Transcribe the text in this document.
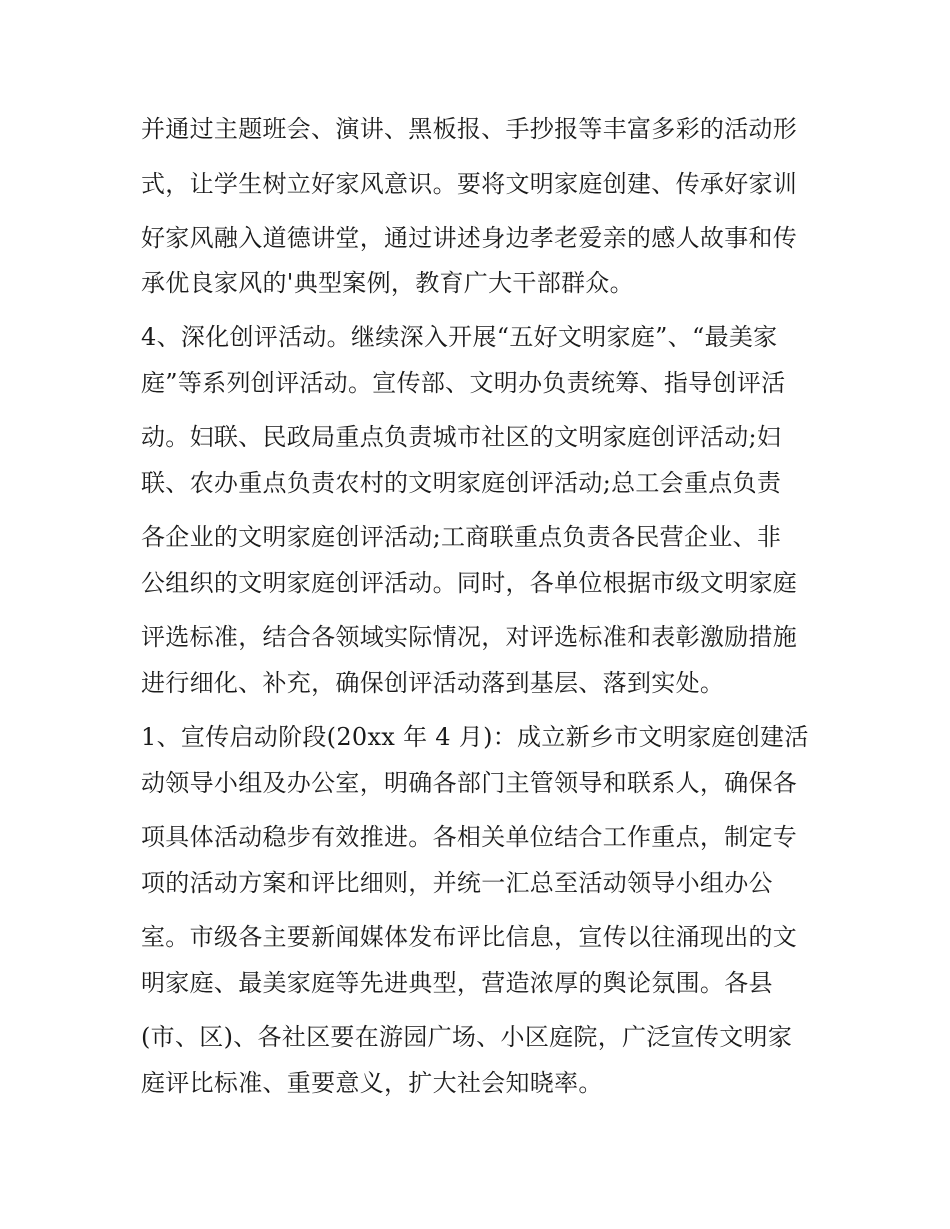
并通过主题班会、演讲、黑板报、手抄报等丰富多彩的活动形
式，让学生树立好家风意识。要将文明家庭创建、传承好家训
好家风融入道德讲堂，通过讲述身边孝老爱亲的感人故事和传
承优良家风的'典型案例，教育广大干部群众。
4、深化创评活动。继续深入开展“五好文明家庭”、“最美家
庭”等系列创评活动。宣传部、文明办负责统筹、指导创评活
动。妇联、民政局重点负责城市社区的文明家庭创评活动;妇
联、农办重点负责农村的文明家庭创评活动;总工会重点负责
各企业的文明家庭创评活动;工商联重点负责各民营企业、非
公组织的文明家庭创评活动。同时，各单位根据市级文明家庭
评选标准，结合各领域实际情况，对评选标准和表彰激励措施
进行细化、补充，确保创评活动落到基层、落到实处。
1、宣传启动阶段(20xx 年 4 月)：成立新乡市文明家庭创建活
动领导小组及办公室，明确各部门主管领导和联系人，确保各
项具体活动稳步有效推进。各相关单位结合工作重点，制定专
项的活动方案和评比细则，并统一汇总至活动领导小组办公
室。市级各主要新闻媒体发布评比信息，宣传以往涌现出的文
明家庭、最美家庭等先进典型，营造浓厚的舆论氛围。各县
(市、区)、各社区要在游园广场、小区庭院，广泛宣传文明家
庭评比标准、重要意义，扩大社会知晓率。
